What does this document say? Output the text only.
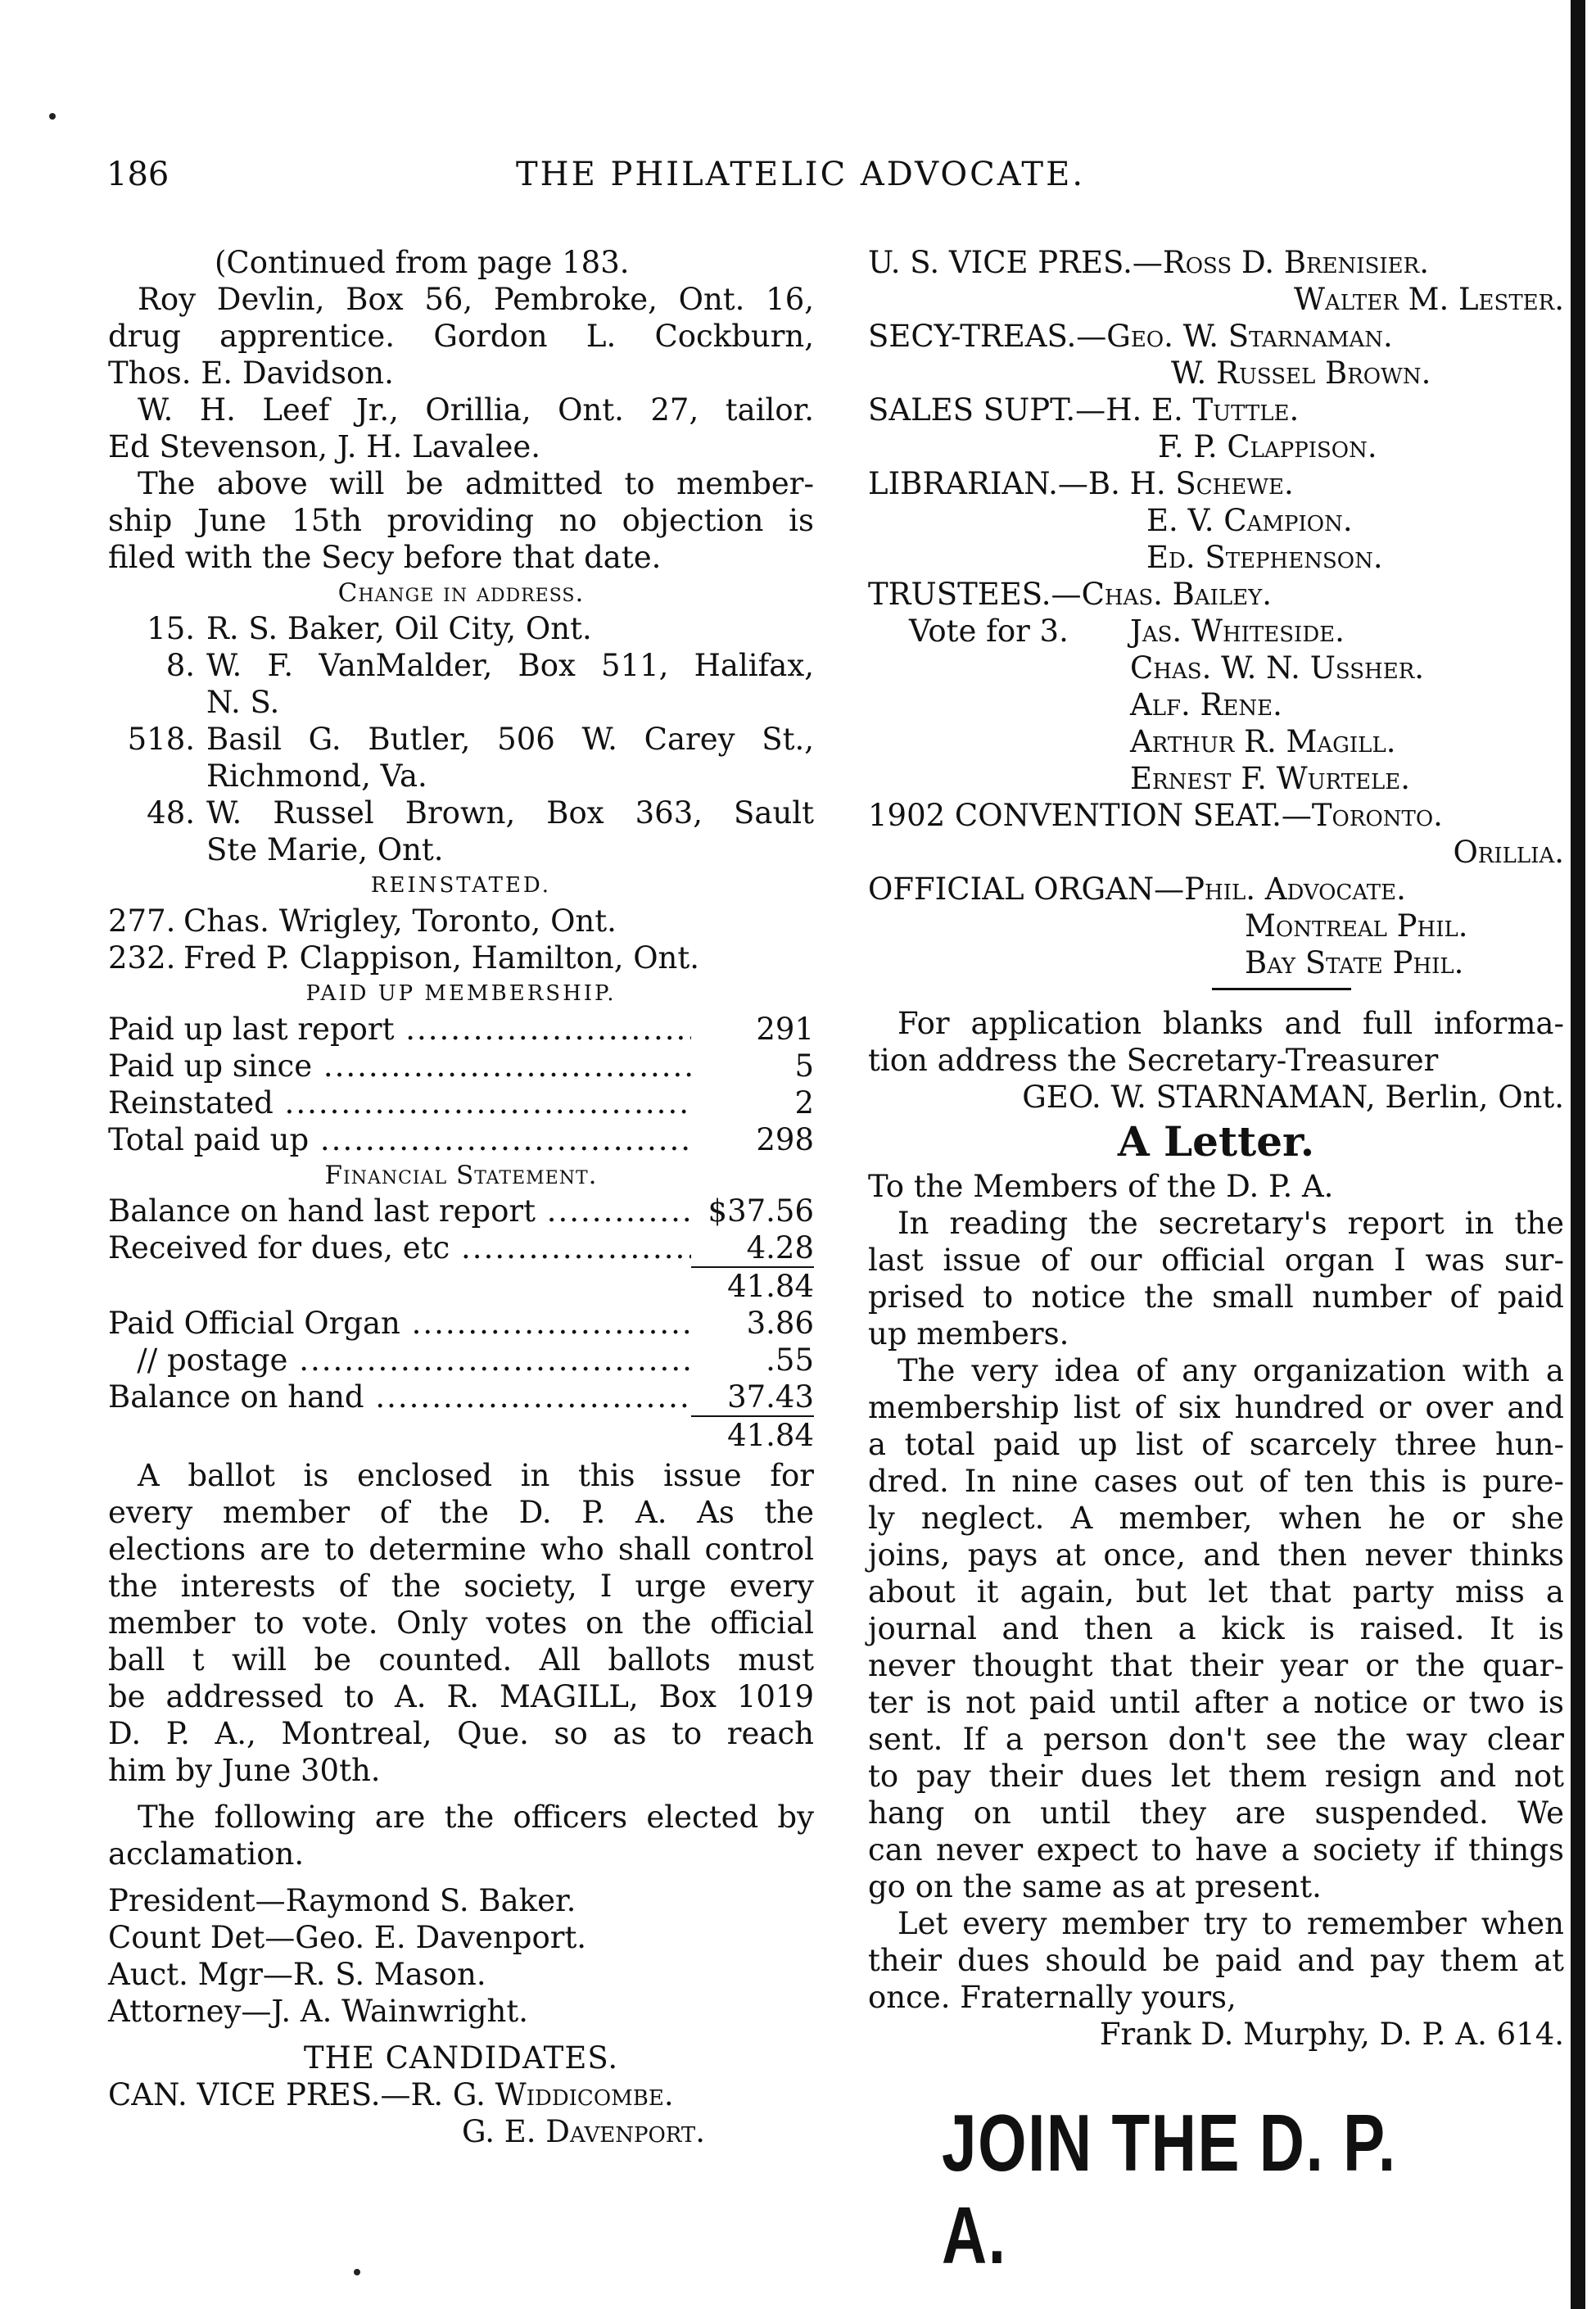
186	THE PHILATELIC ADVOCATE.
(Continued from page 183.
Roy Devlin, Box 56, Pembroke, Ont. 16,
drug apprentice. Gordon L. Cockburn,
Thos. E. Davidson.
W. H. Leef Jr., Orillia, Ont. 27, tailor.
Ed Stevenson, J. H. Lavalee.
The above will be admitted to member-
ship June 15th providing no objection is
filed with the Secy before that date.
Change in address.
15. R. S. Baker, Oil City, Ont.
8. W. F. VanMalder, Box 511, Halifax,
N. S.
518. Basil G. Butler, 506 W. Carey St.,
Richmond, Va.
48. W. Russel Brown, Box 363, Sault
Ste Marie, Ont.
REINSTATED.
277. Chas. Wrigley, Toronto, Ont.
232. Fred P. Clappison, Hamilton, Ont.
PAID UP MEMBERSHIP.
Paid up last report .....	291
Paid up since .....	5
Reinstated .....	2
Total paid up .....	298
Financial Statement.
Balance on hand last report .....	$37.56
Received for dues, etc .....	4.28
41.84
Paid Official Organ .....	3.86
// postage .....	.55
Balance on hand .....	37.43
41.84
A ballot is enclosed in this issue for
every member of the D. P. A. As the
elections are to determine who shall control
the interests of the society, I urge every
member to vote. Only votes on the official
ball t will be counted. All ballots must
be addressed to A. R. MAGILL, Box 1019
D. P. A., Montreal, Que. so as to reach
him by June 30th.
The following are the officers elected by
acclamation.
President—Raymond S. Baker.
Count Det—Geo. E. Davenport.
Auct. Mgr—R. S. Mason.
Attorney—J. A. Wainwright.
THE CANDIDATES.
CAN. VICE PRES.— R. G. Widdicombe.
G. E. Davenport.
U. S. VICE PRES.— Ross D. Brenisier.
Walter M. Lester.
SECY-TREAS.— Geo. W. Starnaman.
W. Russel Brown.
SALES SUPT.— H. E. Tuttle.
F. P. Clappison.
LIBRARIAN.— B. H. Schewe.
E. V. Campion.
Ed. Stephenson.
TRUSTEES.— Chas. Bailey.
Vote for 3.	Jas. Whiteside.
Chas. W. N. Ussher.
Alf. Rene.
Arthur R. Magill.
Ernest F. Wurtele.
1902 CONVENTION SEAT.— Toronto.
Orillia.
OFFICIAL ORGAN— Phil. Advocate.
Montreal Phil.
Bay State Phil.
For application blanks and full informa-
tion address the Secretary-Treasurer
GEO. W. STARNAMAN, Berlin, Ont.
A Letter.
To the Members of the D. P. A.
In reading the secretary's report in the
last issue of our official organ I was sur-
prised to notice the small number of paid
up members.
The very idea of any organization with a
membership list of six hundred or over and
a total paid up list of scarcely three hun-
dred. In nine cases out of ten this is pure-
ly neglect. A member, when he or she
joins, pays at once, and then never thinks
about it again, but let that party miss a
journal and then a kick is raised. It is
never thought that their year or the quar-
ter is not paid until after a notice or two is
sent. If a person don't see the way clear
to pay their dues let them resign and not
hang on until they are suspended. We
can never expect to have a society if things
go on the same as at present.
Let every member try to remember when
their dues should be paid and pay them at
once. Fraternally yours,
Frank D. Murphy, D. P. A. 614.
JOIN THE D. P. A.
